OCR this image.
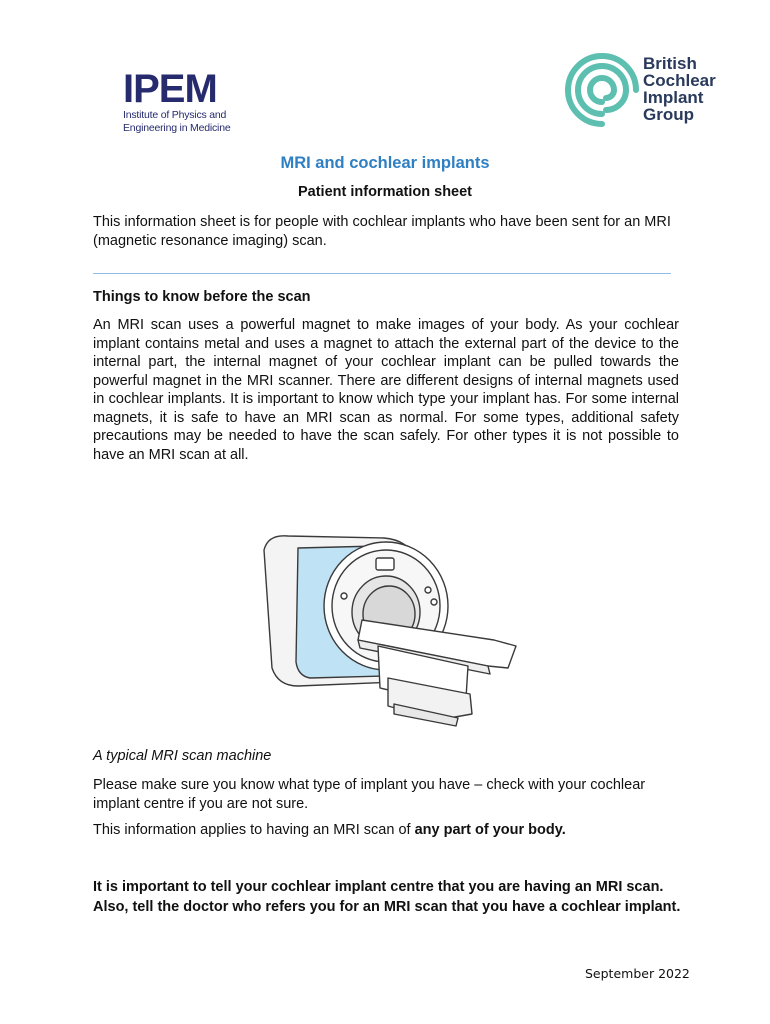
IPEM
Institute of Physics and
Engineering in Medicine
British
Cochlear
Implant
Group
MRI and cochlear implants
Patient information sheet

This information sheet is for people with cochlear implants who have been sent for an MRI (magnetic resonance imaging) scan.

Things to know before the scan

An MRI scan uses a powerful magnet to make images of your body. As your cochlear implant contains metal and uses a magnet to attach the external part of the device to the internal part, the internal magnet of your cochlear implant can be pulled towards the powerful magnet in the MRI scanner. There are different designs of internal magnets used in cochlear implants. It is important to know which type your implant has. For some internal magnets, it is safe to have an MRI scan as normal. For some types, additional safety precautions may be needed to have the scan safely. For other types it is not possible to have an MRI scan at all.

A typical MRI scan machine

Please make sure you know what type of implant you have – check with your cochlear implant centre if you are not sure.

This information applies to having an MRI scan of any part of your body.

It is important to tell your cochlear implant centre that you are having an MRI scan. Also, tell the doctor who refers you for an MRI scan that you have a cochlear implant.

September 2022
